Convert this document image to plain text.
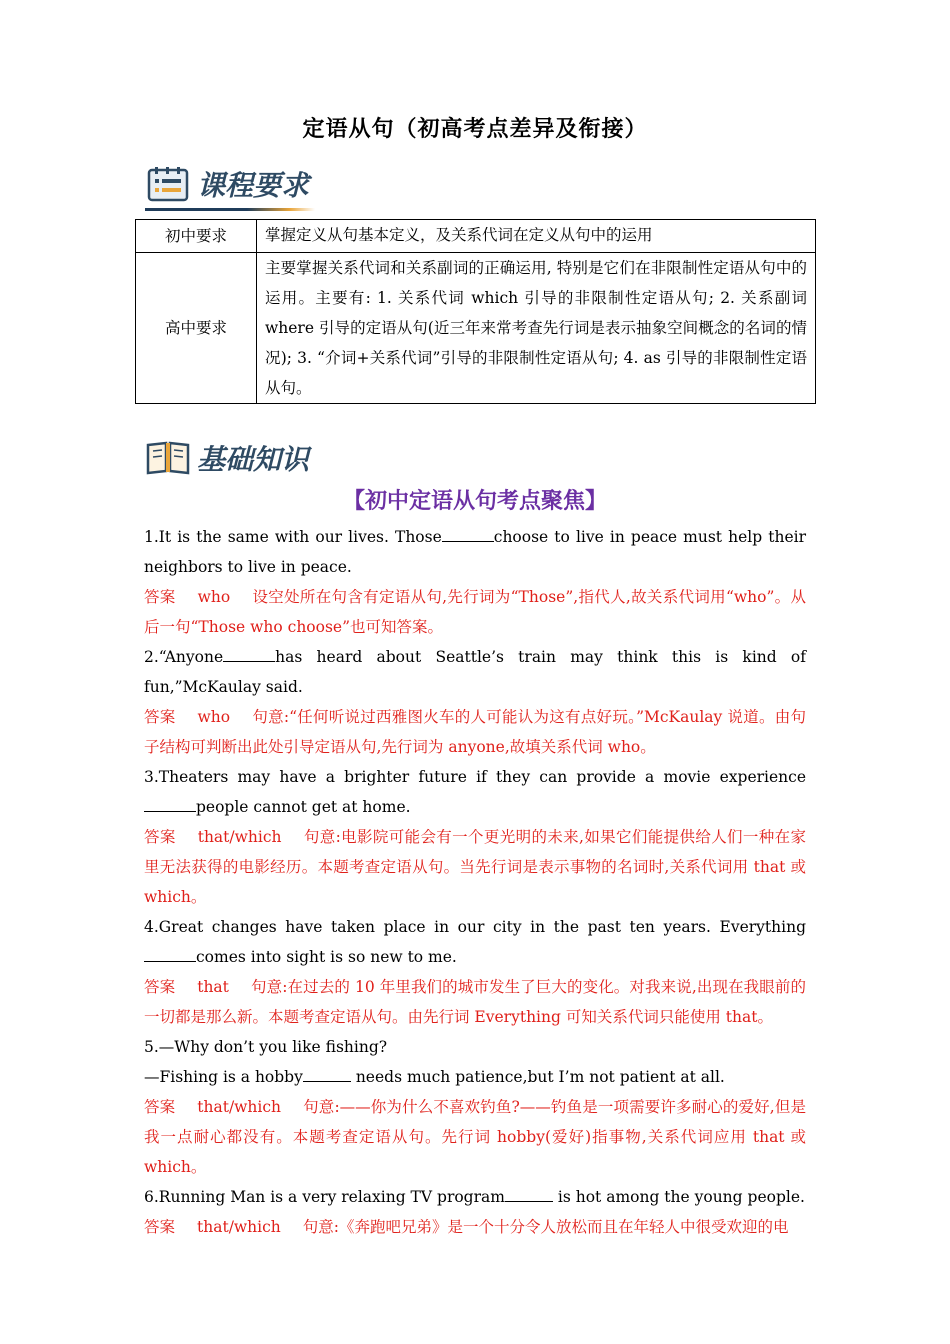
定语从句（初高考点差异及衔接）
课程要求
初中要求	掌握定义从句基本定义，及关系代词在定义从句中的运用
高中要求	主要掌握关系代词和关系副词的正确运用, 特别是它们在非限制性定语从句中的运用。主要有: 1. 关系代词 which 引导的非限制性定语从句; 2. 关系副词 where 引导的定语从句(近三年来常考查先行词是表示抽象空间概念的名词的情况); 3. “介词+关系代词”引导的非限制性定语从句; 4. as 引导的非限制性定语从句。
基础知识
【初中定语从句考点聚焦】

1.It is the same with our lives. Those	choose to live in peace must help their neighbors to live in peace.

答案 who 设空处所在句含有定语从句,先行词为“Those”,指代人,故关系代词用“who”。从后一句“Those who choose”也可知答案。

2.“Anyone	has heard about Seattle’s train may think this is kind of fun,”McKaulay said.

答案 who 句意:“任何听说过西雅图火车的人可能认为这有点好玩。”McKaulay 说道。由句子结构可判断出此处引导定语从句,先行词为 anyone,故填关系代词 who。

3.Theaters may have a brighter future if they can provide a movie experience people cannot get at home.

答案 that/which 句意:电影院可能会有一个更光明的未来,如果它们能提供给人们一种在家里无法获得的电影经历。本题考查定语从句。当先行词是表示事物的名词时,关系代词用 that 或 which。

4.Great changes have taken place in our city in the past ten years. Everythingcomes into sight is so new to me.

答案 that 句意:在过去的 10 年里我们的城市发生了巨大的变化。对我来说,出现在我眼前的一切都是那么新。本题考查定语从句。由先行词 Everything 可知关系代词只能使用 that。

5.—Why don’t you like fishing?

—Fishing is a hobby	needs much patience,but I’m not patient at all.

答案 that/which 句意:——你为什么不喜欢钓鱼?——钓鱼是一项需要许多耐心的爱好,但是我一点耐心都没有。本题考查定语从句。先行词 hobby(爱好)指事物,关系代词应用 that 或 which。

6.Running Man is a very relaxing TV program	is hot among the young people.

答案 that/which 句意:《奔跑吧兄弟》是一个十分令人放松而且在年轻人中很受欢迎的电
